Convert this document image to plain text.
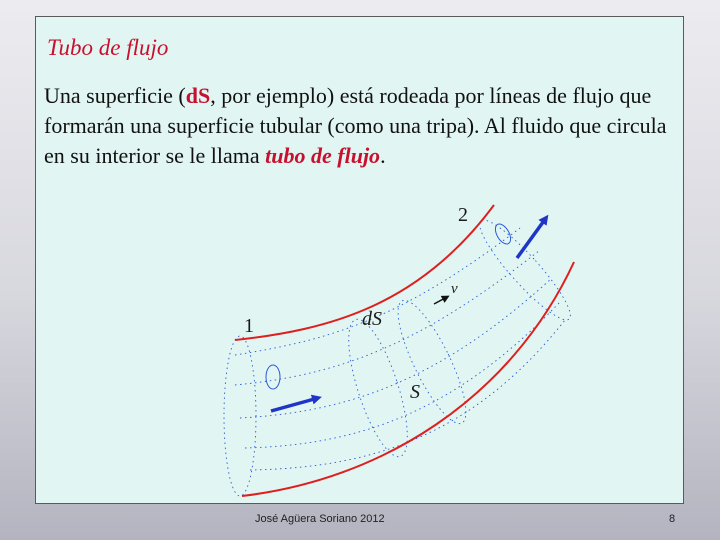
Tubo de flujo

Una superficie (dS, por ejemplo) está rodeada por líneas de flujo que formarán una superficie tubular (como una tripa). Al fluido que circula en su interior se le llama tubo de flujo.

1
2
dS
S
v
José Agüera Soriano 2012	8
